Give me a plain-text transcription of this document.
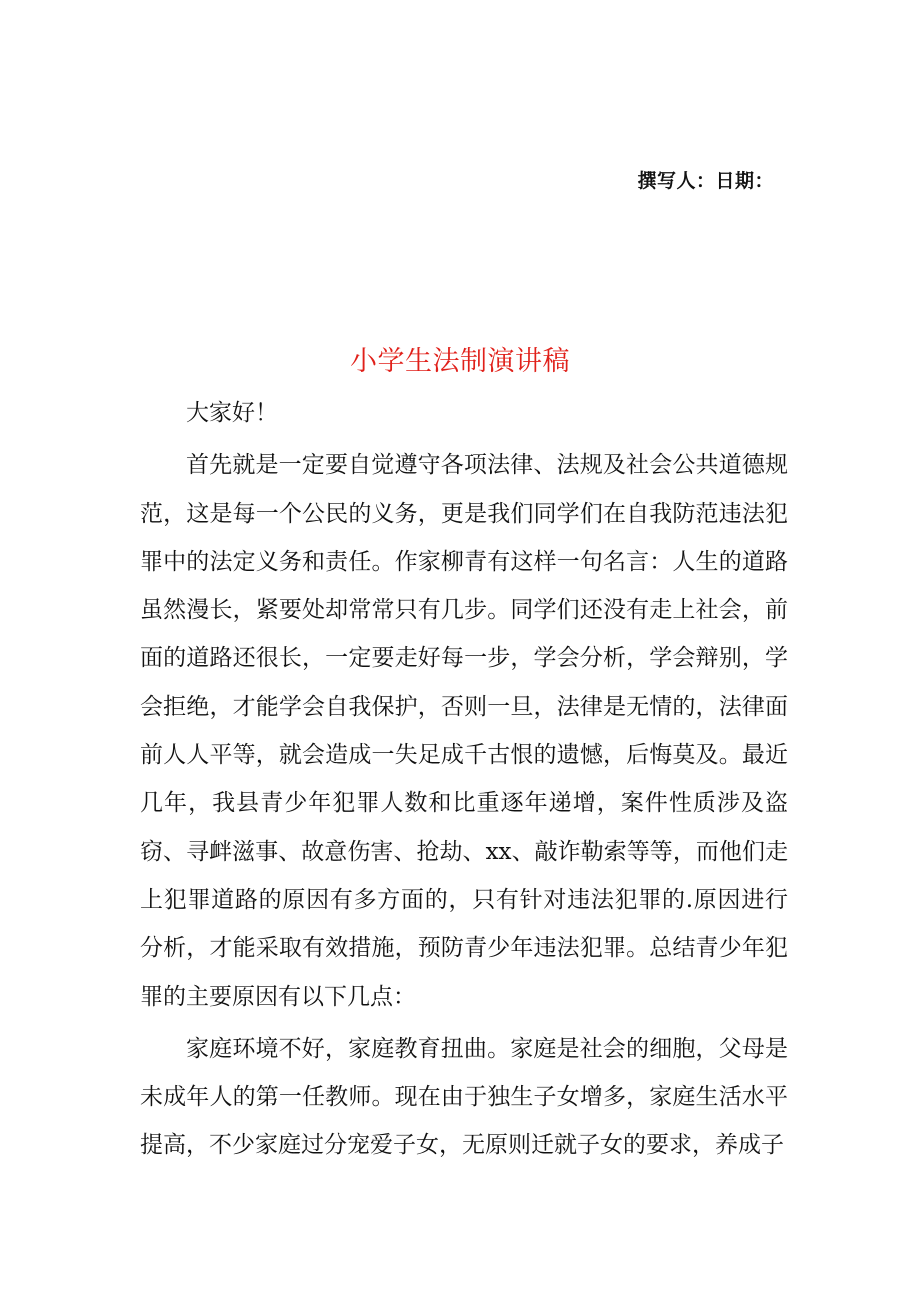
撰写人：日期：
小学生法制演讲稿

大家好！

首先就是一定要自觉遵守各项法律、法规及社会公共道德规范，这是每一个公民的义务，更是我们同学们在自我防范违法犯罪中的法定义务和责任。作家柳青有这样一句名言：人生的道路虽然漫长，紧要处却常常只有几步。同学们还没有走上社会，前面的道路还很长，一定要走好每一步，学会分析，学会辩别，学会拒绝，才能学会自我保护，否则一旦，法律是无情的，法律面前人人平等，就会造成一失足成千古恨的遗憾，后悔莫及。最近几年，我县青少年犯罪人数和比重逐年递增，案件性质涉及盗窃、寻衅滋事、故意伤害、抢劫、xx、敲诈勒索等等，而他们走上犯罪道路的原因有多方面的，只有针对违法犯罪的.原因进行分析，才能采取有效措施，预防青少年违法犯罪。总结青少年犯罪的主要原因有以下几点：

家庭环境不好，家庭教育扭曲。家庭是社会的细胞，父母是未成年人的第一任教师。现在由于独生子女增多，家庭生活水平提高，不少家庭过分宠爱子女，无原则迁就子女的要求，养成子
